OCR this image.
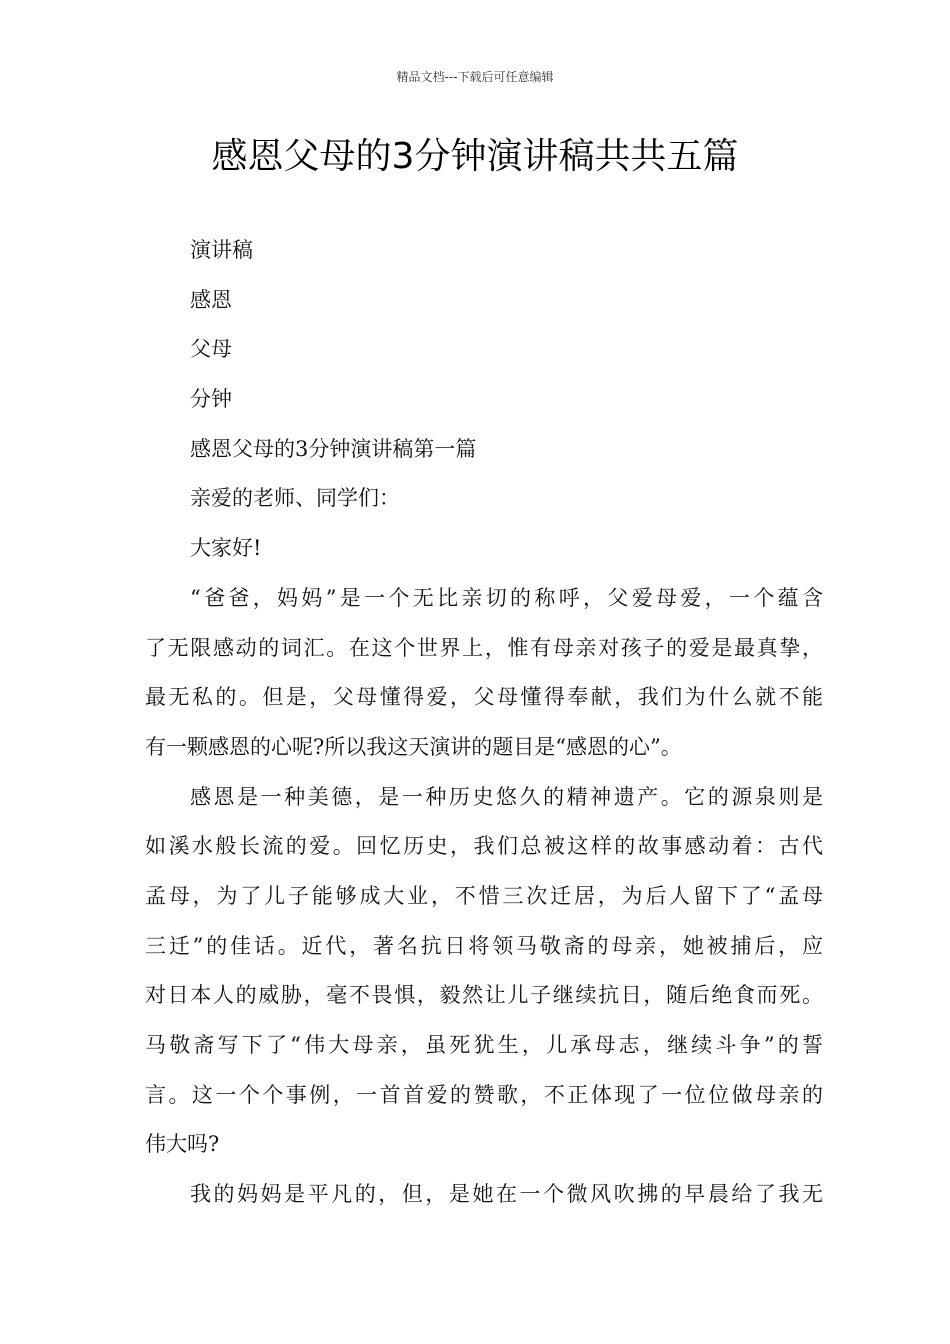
精品文档---下载后可任意编辑
感恩父母的3分钟演讲稿共共五篇
演讲稿
感恩
父母
分钟
感恩父母的3分钟演讲稿第一篇
亲爱的老师、同学们：
大家好!
“爸爸，妈妈”是一个无比亲切的称呼，父爱母爱，一个蕴含
了无限感动的词汇。在这个世界上，惟有母亲对孩子的爱是最真挚，
最无私的。但是，父母懂得爱，父母懂得奉献，我们为什么就不能
有一颗感恩的心呢?所以我这天演讲的题目是“感恩的心”。
感恩是一种美德，是一种历史悠久的精神遗产。它的源泉则是
如溪水般长流的爱。回忆历史，我们总被这样的故事感动着：古代
孟母，为了儿子能够成大业，不惜三次迁居，为后人留下了“孟母
三迁”的佳话。近代，著名抗日将领马敬斋的母亲，她被捕后，应
对日本人的威胁，毫不畏惧，毅然让儿子继续抗日，随后绝食而死。
马敬斋写下了“伟大母亲，虽死犹生，儿承母志，继续斗争”的誓
言。这一个个事例，一首首爱的赞歌，不正体现了一位位做母亲的
伟大吗?
我的妈妈是平凡的，但，是她在一个微风吹拂的早晨给了我无
